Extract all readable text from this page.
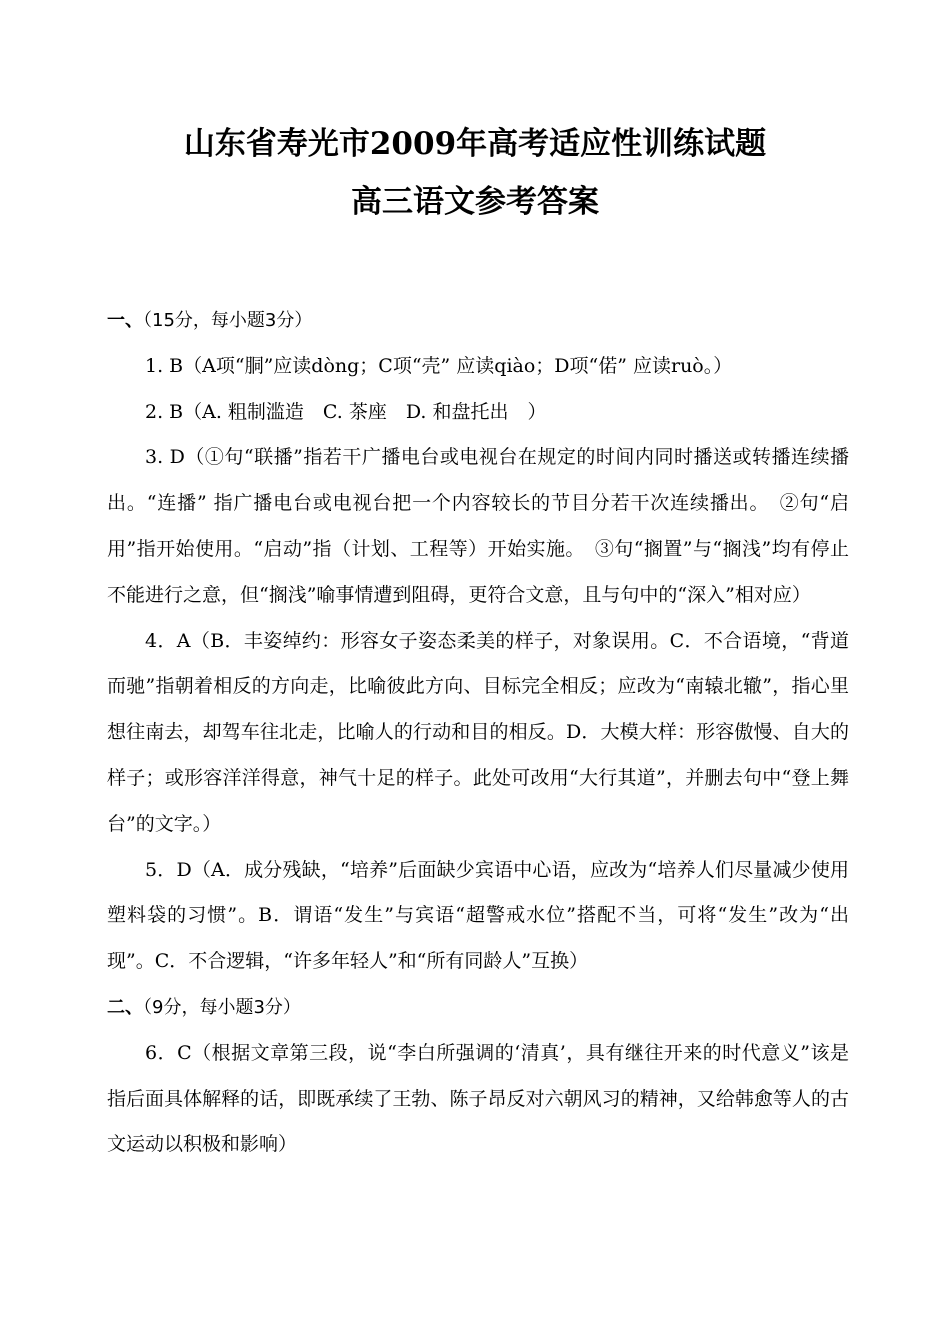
山东省寿光市2009年高考适应性训练试题
高三语文参考答案

一、（15分，每小题3分）

1. B（A项“胴”应读dòng；C项“壳” 应读qiào；D项“偌” 应读ruò。）

2. B（A. 粗制滥造　C. 茶座　D. 和盘托出　）

3. D（①句“联播”指若干广播电台或电视台在规定的时间内同时播送或转播连续播出。“连播” 指广播电台或电视台把一个内容较长的节目分若干次连续播出。　②句“启用”指开始使用。“启动”指（计划、工程等）开始实施。　③句“搁置”与“搁浅”均有停止不能进行之意，但“搁浅”喻事情遭到阻碍，更符合文意，且与句中的“深入”相对应）

4．A（B．丰姿绰约：形容女子姿态柔美的样子，对象误用。C．不合语境，“背道而驰”指朝着相反的方向走，比喻彼此方向、目标完全相反；应改为“南辕北辙”，指心里想往南去，却驾车往北走，比喻人的行动和目的相反。D．大模大样：形容傲慢、自大的样子；或形容洋洋得意，神气十足的样子。此处可改用“大行其道”，并删去句中“登上舞台”的文字。）

5．D（A．成分残缺，“培养”后面缺少宾语中心语，应改为“培养人们尽量减少使用塑料袋的习惯”。B．谓语“发生”与宾语“超警戒水位”搭配不当，可将“发生”改为“出现”。C．不合逻辑，“许多年轻人”和“所有同龄人”互换）

二、（9分，每小题3分）

6．C（根据文章第三段，说“李白所强调的‘清真’，具有继往开来的时代意义”该是指后面具体解释的话，即既承续了王勃、陈子昂反对六朝风习的精神，又给韩愈等人的古文运动以积极和影响）
